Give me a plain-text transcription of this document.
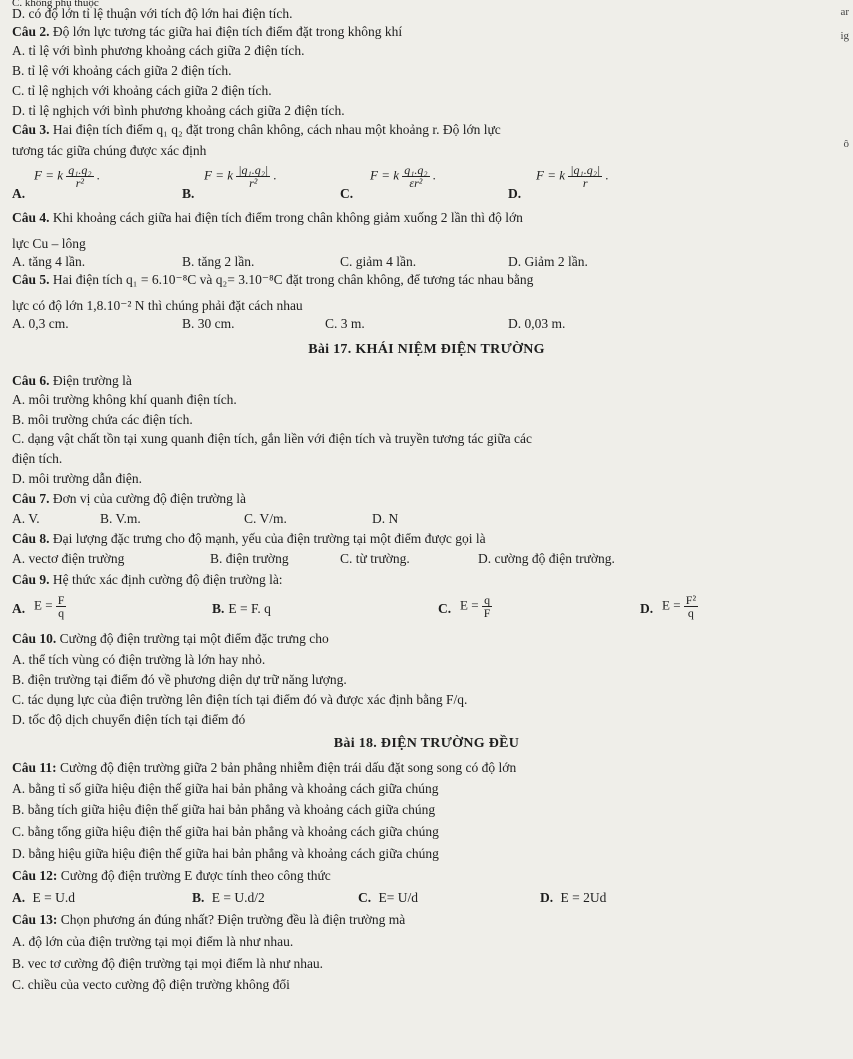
ar
ig
ô
C. không phụ thuộc
D. có độ lớn tỉ lệ thuận với tích độ lớn hai điện tích.
Câu 2. Độ lớn lực tương tác giữa hai điện tích điểm đặt trong không khí
A. tỉ lệ với bình phương khoảng cách giữa 2 điện tích.
B. tỉ lệ với khoảng cách giữa 2 điện tích.
C. tỉ lệ nghịch với khoảng cách giữa 2 điện tích.
D. tỉ lệ nghịch với bình phương khoảng cách giữa 2 điện tích.
Câu 3. Hai điện tích điểm q₁ q₂ đặt trong chân không, cách nhau một khoảng r. Độ lớn lực
tương tác giữa chúng được xác định
A.
F = k $\frac{\text{q₁.q₂}}{\text{r²}}$ .
B.
F = k $\frac{\text{|q₁.q₂|}}{\text{r²}}$ .
C.
F = k $\frac{\text{q₁.q₂}}{\text{εr²}}$ .
D.
F = k $\frac{\text{|q₁.q₂|}}{r}$ .
Câu 4. Khi khoảng cách giữa hai điện tích điểm trong chân không giảm xuống 2 lần thì độ lớn
lực Cu – lông
A. tăng 4 lần.	B. tăng 2 lần.	C. giảm 4 lần.	D. Giảm 2 lần.
Câu 5. Hai điện tích q₁ = 6.10⁻⁸C và q₂= 3.10⁻⁸C đặt trong chân không, để tương tác nhau bằng
lực có độ lớn 1,8.10⁻² N thì chúng phải đặt cách nhau
A. 0,3 cm.	B. 30 cm.	C. 3 m.	D. 0,03 m.
Bài 17. KHÁI NIỆM ĐIỆN TRƯỜNG
Câu 6. Điện trường là
A. môi trường không khí quanh điện tích.
B. môi trường chứa các điện tích.
C. dạng vật chất tồn tại xung quanh điện tích, gắn liền với điện tích và truyền tương tác giữa các
điện tích.
D. môi trường dẫn điện.
Câu 7. Đơn vị của cường độ điện trường là
A. V.	B. V.m.	C. V/m.	D. N
Câu 8. Đại lượng đặc trưng cho độ mạnh, yếu của điện trường tại một điểm được gọi là
A. vectơ điện trường	B. điện trường	C. từ trường.	D. cường độ điện trường.
Câu 9. Hệ thức xác định cường độ điện trường là:
A. $E = \frac{F}{q}$	B. E = F. q	C. $E = \frac{q}{F}$	D. $E = \frac{\text{F²}}{q}$
Câu 10. Cường độ điện trường tại một điểm đặc trưng cho
A. thể tích vùng có điện trường là lớn hay nhỏ.
B. điện trường tại điểm đó về phương diện dự trữ năng lượng.
C. tác dụng lực của điện trường lên điện tích tại điểm đó và được xác định bằng F/q.
D. tốc độ dịch chuyển điện tích tại điểm đó
Bài 18. ĐIỆN TRƯỜNG ĐỀU
Câu 11: Cường độ điện trường giữa 2 bản phẳng nhiễm điện trái dấu đặt song song có độ lớn
A. bằng tỉ số giữa hiệu điện thế giữa hai bản phẳng và khoảng cách giữa chúng
B. bằng tích giữa hiệu điện thế giữa hai bản phẳng và khoảng cách giữa chúng
C. bằng tổng giữa hiệu điện thế giữa hai bản phẳng và khoảng cách giữa chúng
D. bằng hiệu giữa hiệu điện thế giữa hai bản phẳng và khoảng cách giữa chúng
Câu 12: Cường độ điện trường E được tính theo công thức
A. E = U.d	B. E = U.d/2	C. E= U/d	D. E = 2Ud
Câu 13: Chọn phương án đúng nhất? Điện trường đều là điện trường mà
A. độ lớn của điện trường tại mọi điểm là như nhau.
B. vec tơ cường độ điện trường tại mọi điểm là như nhau.
C. chiều của vecto cường độ điện trường không đổi
